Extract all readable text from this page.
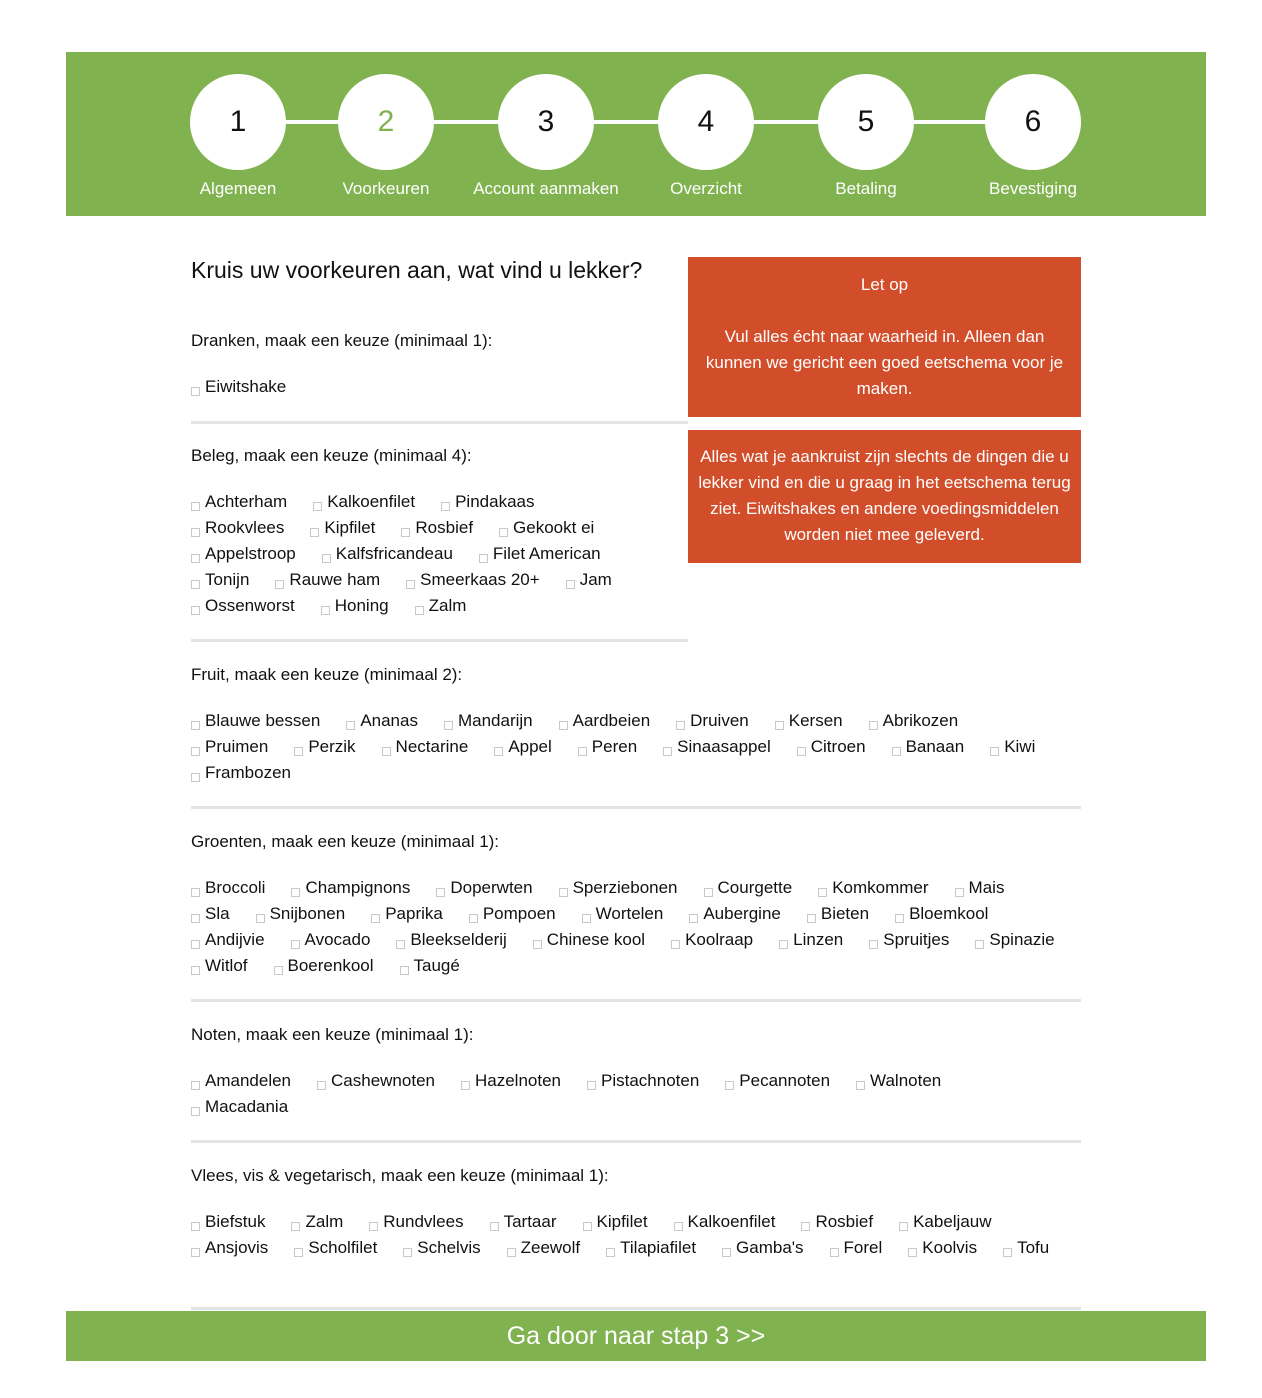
1
Algemeen
2
Voorkeuren
3
Account aanmaken
4
Overzicht
5
Betaling
6
Bevestiging
Kruis uw voorkeuren aan, wat vind u lekker?
Let op
Vul alles écht naar waarheid in. Alleen dan kunnen we gericht een goed eetschema voor je maken.
Alles wat je aankruist zijn slechts de dingen die u lekker vind en die u graag in het eetschema terug ziet. Eiwitshakes en andere voedingsmiddelen worden niet mee geleverd.
Dranken, maak een keuze (minimaal 1):
Eiwitshake
Beleg, maak een keuze (minimaal 4):
Achterham Kalkoenfilet PindakaasRookvlees Kipfilet Rosbief Gekookt eiAppelstroop Kalfsfricandeau Filet AmericanTonijn Rauwe ham Smeerkaas 20+ JamOssenworst Honing Zalm
Fruit, maak een keuze (minimaal 2):
Blauwe bessen Ananas Mandarijn Aardbeien Druiven Kersen AbrikozenPruimen Perzik Nectarine Appel Peren Sinaasappel Citroen Banaan KiwiFrambozen
Groenten, maak een keuze (minimaal 1):
Broccoli Champignons Doperwten Sperziebonen Courgette Komkommer MaisSla Snijbonen Paprika Pompoen Wortelen Aubergine Bieten BloemkoolAndijvie Avocado Bleekselderij Chinese kool Koolraap Linzen Spruitjes SpinazieWitlof Boerenkool Taugé
Noten, maak een keuze (minimaal 1):
Amandelen Cashewnoten Hazelnoten Pistachnoten Pecannoten WalnotenMacadania
Vlees, vis & vegetarisch, maak een keuze (minimaal 1):
Biefstuk Zalm Rundvlees Tartaar Kipfilet Kalkoenfilet Rosbief KabeljauwAnsjovis Scholfilet Schelvis Zeewolf Tilapiafilet Gamba's Forel Koolvis Tofu
Ga door naar stap 3 >>
